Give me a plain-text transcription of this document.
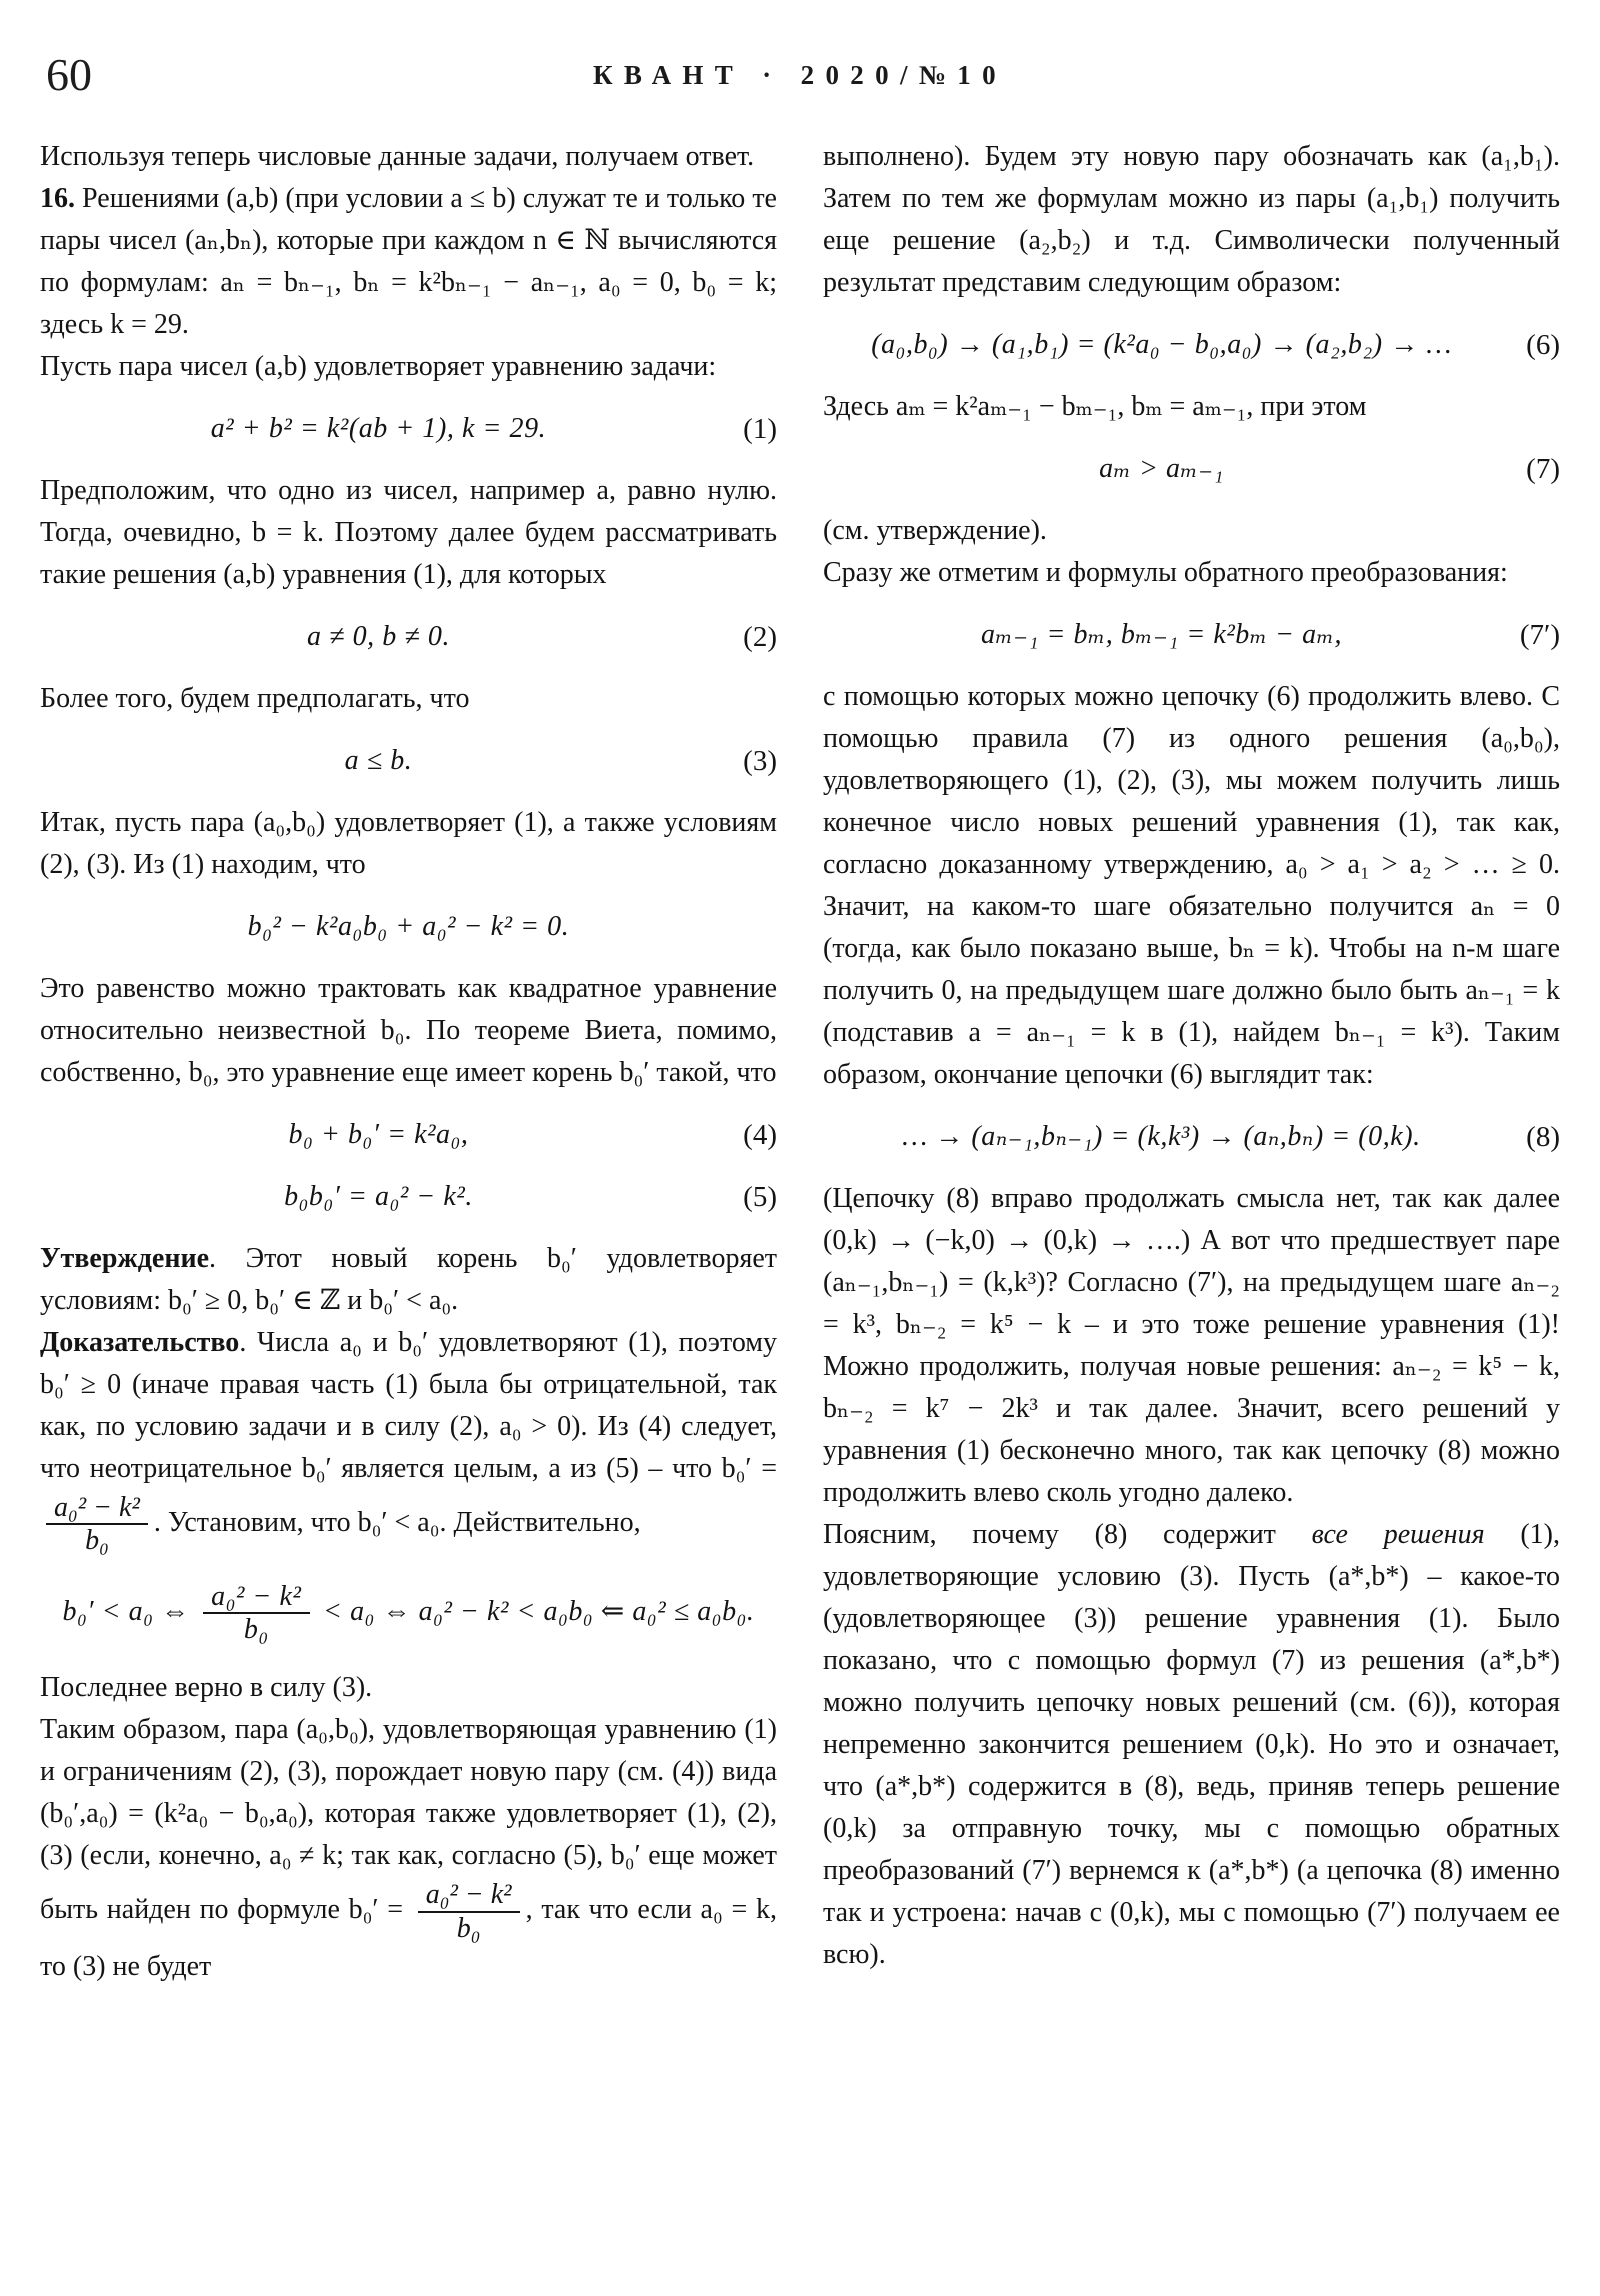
60	КВАНТ · 2020/№10

Используя теперь числовые данные задачи, получаем ответ.

16. Решениями (a,b) (при условии a ≤ b) служат те и только те пары чисел (aₙ,bₙ), которые при каждом n ∈ ℕ вычисляются по формулам: aₙ = bₙ₋₁, bₙ = k²bₙ₋₁ − aₙ₋₁, a₀ = 0, b₀ = k; здесь k = 29.

Пусть пара чисел (a,b) удовлетворяет уравнению задачи:

a² + b² = k²(ab + 1), k = 29.	(1)

Предположим, что одно из чисел, например a, равно нулю. Тогда, очевидно, b = k. Поэтому далее будем рассматривать такие решения (a,b) уравнения (1), для которых

a ≠ 0, b ≠ 0.	(2)

Более того, будем предполагать, что

a ≤ b.	(3)

Итак, пусть пара (a₀,b₀) удовлетворяет (1), а также условиям (2), (3). Из (1) находим, что

b₀² − k²a₀b₀ + a₀² − k² = 0.

Это равенство можно трактовать как квадратное уравнение относительно неизвестной b₀. По теореме Виета, помимо, собственно, b₀, это уравнение еще имеет корень b₀′ такой, что

b₀ + b₀′ = k²a₀,	(4)
b₀b₀′ = a₀² − k².	(5)

Утверждение. Этот новый корень b₀′ удовлетворяет условиям: b₀′ ≥ 0, b₀′ ∈ ℤ и b₀′ < a₀.

Доказательство. Числа a₀ и b₀′ удовлетворяют (1), поэтому b₀′ ≥ 0 (иначе правая часть (1) была бы отрицательной, так как, по условию задачи и в силу (2), a₀ > 0). Из (4) следует, что неотрицательное b₀′ является целым, а из (5) – что b₀′ =
$\frac{\text{a₀² − k²}}{\text{b₀}}$ . Установим, что b₀′ < a₀. Действительно,

b₀′ < a₀ ⇔ $\frac{\text{a₀² − k²}}{\text{b₀}} < a_0$ ⇔ a₀² − k² < a₀b₀ ⇐ a₀² ≤ a₀b₀.

Последнее верно в силу (3).

Таким образом, пара (a₀,b₀), удовлетворяющая уравнению (1) и ограничениям (2), (3), порождает новую пару (см. (4)) вида (b₀′,a₀) = (k²a₀ − b₀,a₀), которая также удовлетворяет (1), (2), (3) (если, конечно, a₀ ≠ k; так как, согласно (5), b₀′ еще может быть найден по формуле $b_0' = \frac{\text{a₀² − k²}}{\text{b₀}}$ , так что если a₀ = k, то (3) не будет

выполнено). Будем эту новую пару обозначать как (a₁,b₁). Затем по тем же формулам можно из пары (a₁,b₁) получить еще решение (a₂,b₂) и т.д. Символически полученный результат представим следующим образом:

(a₀,b₀) → (a₁,b₁) = (k²a₀ − b₀,a₀) → (a₂,b₂) → …	(6)

Здесь aₘ = k²aₘ₋₁ − bₘ₋₁, bₘ = aₘ₋₁, при этом

aₘ > aₘ₋₁	(7)

(см. утверждение).

Сразу же отметим и формулы обратного преобразования:

aₘ₋₁ = bₘ, bₘ₋₁ = k²bₘ − aₘ,	(7′)

с помощью которых можно цепочку (6) продолжить влево. С помощью правила (7) из одного решения (a₀,b₀), удовлетворяющего (1), (2), (3), мы можем получить лишь конечное число новых решений уравнения (1), так как, согласно доказанному утверждению, a₀ > a₁ > a₂ > … ≥ 0. Значит, на каком-то шаге обязательно получится aₙ = 0 (тогда, как было показано выше, bₙ = k). Чтобы на n-м шаге получить 0, на предыдущем шаге должно было быть aₙ₋₁ = k (подставив a = aₙ₋₁ = k в (1), найдем bₙ₋₁ = k³). Таким образом, окончание цепочки (6) выглядит так:

… → (aₙ₋₁,bₙ₋₁) = (k,k³) → (aₙ,bₙ) = (0,k).	(8)

(Цепочку (8) вправо продолжать смысла нет, так как далее (0,k) → (−k,0) → (0,k) → ….) А вот что предшествует паре (aₙ₋₁,bₙ₋₁) = (k,k³)? Согласно (7′), на предыдущем шаге aₙ₋₂ = k³, bₙ₋₂ = k⁵ − k – и это тоже решение уравнения (1)! Можно продолжить, получая новые решения: aₙ₋₂ = k⁵ − k, bₙ₋₂ = k⁷ − 2k³ и так далее. Значит, всего решений у уравнения (1) бесконечно много, так как цепочку (8) можно продолжить влево сколь угодно далеко.

Поясним, почему (8) содержит все решения (1), удовлетворяющие условию (3). Пусть (a*,b*) – какое-то (удовлетворяющее (3)) решение уравнения (1). Было показано, что с помощью формул (7) из решения (a*,b*) можно получить цепочку новых решений (см. (6)), которая непременно закончится решением (0,k). Но это и означает, что (a*,b*) содержится в (8), ведь, приняв теперь решение (0,k) за отправную точку, мы с помощью обратных преобразований (7′) вернемся к (a*,b*) (а цепочка (8) именно так и устроена: начав с (0,k), мы с помощью (7′) получаем ее всю).
